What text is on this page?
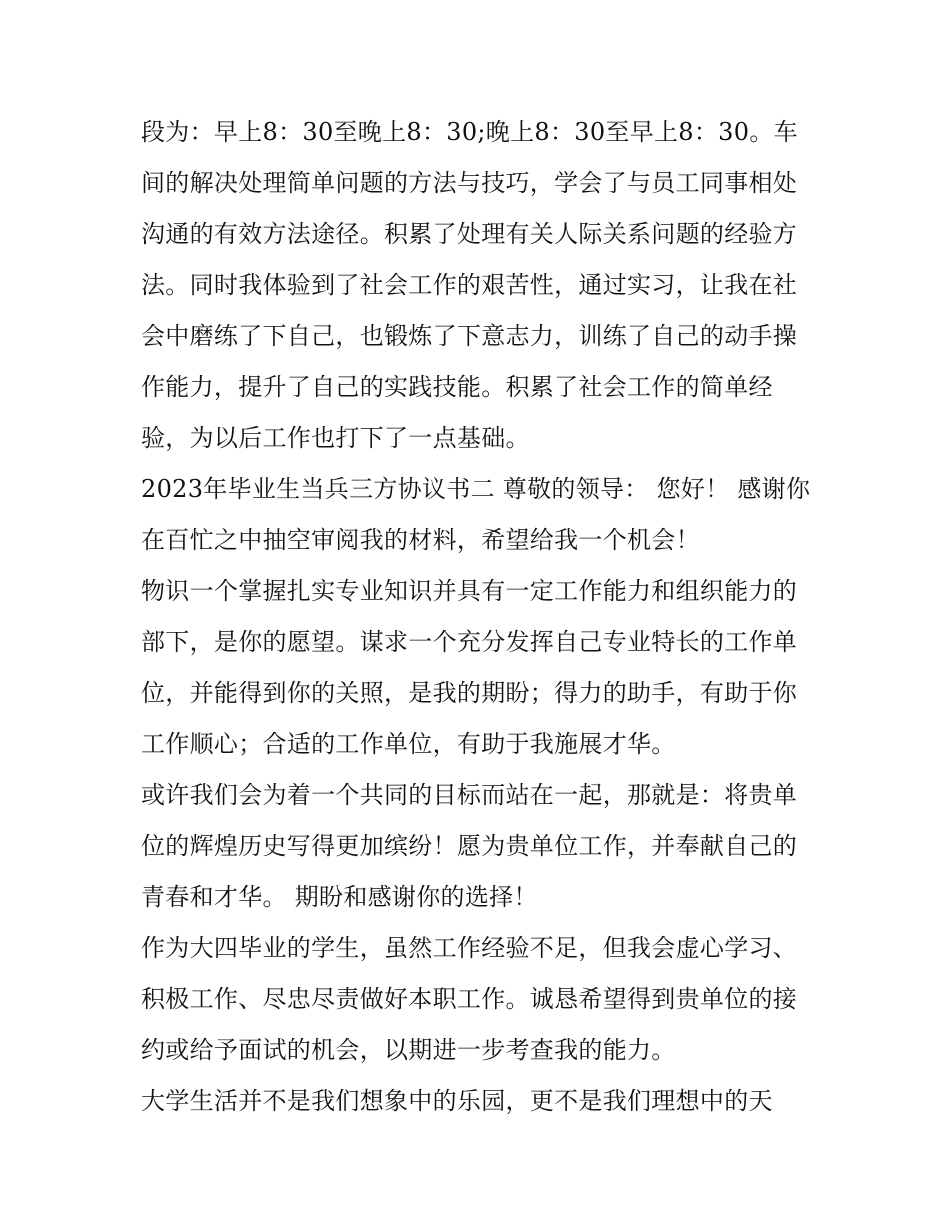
段为：早上8：30至晚上8：30;晚上8：30至早上8：30。车
间的解决处理简单问题的方法与技巧，学会了与员工同事相处
沟通的有效方法途径。积累了处理有关人际关系问题的经验方
法。同时我体验到了社会工作的艰苦性，通过实习，让我在社
会中磨练了下自己，也锻炼了下意志力，训练了自己的动手操
作能力，提升了自己的实践技能。积累了社会工作的简单经
验，为以后工作也打下了一点基础。
2023年毕业生当兵三方协议书二 尊敬的领导： 您好！ 感谢你
在百忙之中抽空审阅我的材料，希望给我一个机会！
物识一个掌握扎实专业知识并具有一定工作能力和组织能力的
部下，是你的愿望。谋求一个充分发挥自己专业特长的工作单
位，并能得到你的关照，是我的期盼；得力的助手，有助于你
工作顺心；合适的工作单位，有助于我施展才华。
或许我们会为着一个共同的目标而站在一起，那就是：将贵单
位的辉煌历史写得更加缤纷！愿为贵单位工作，并奉献自己的
青春和才华。 期盼和感谢你的选择！
作为大四毕业的学生，虽然工作经验不足，但我会虚心学习、
积极工作、尽忠尽责做好本职工作。诚恳希望得到贵单位的接
约或给予面试的机会，以期进一步考查我的能力。
大学生活并不是我们想象中的乐园，更不是我们理想中的天
